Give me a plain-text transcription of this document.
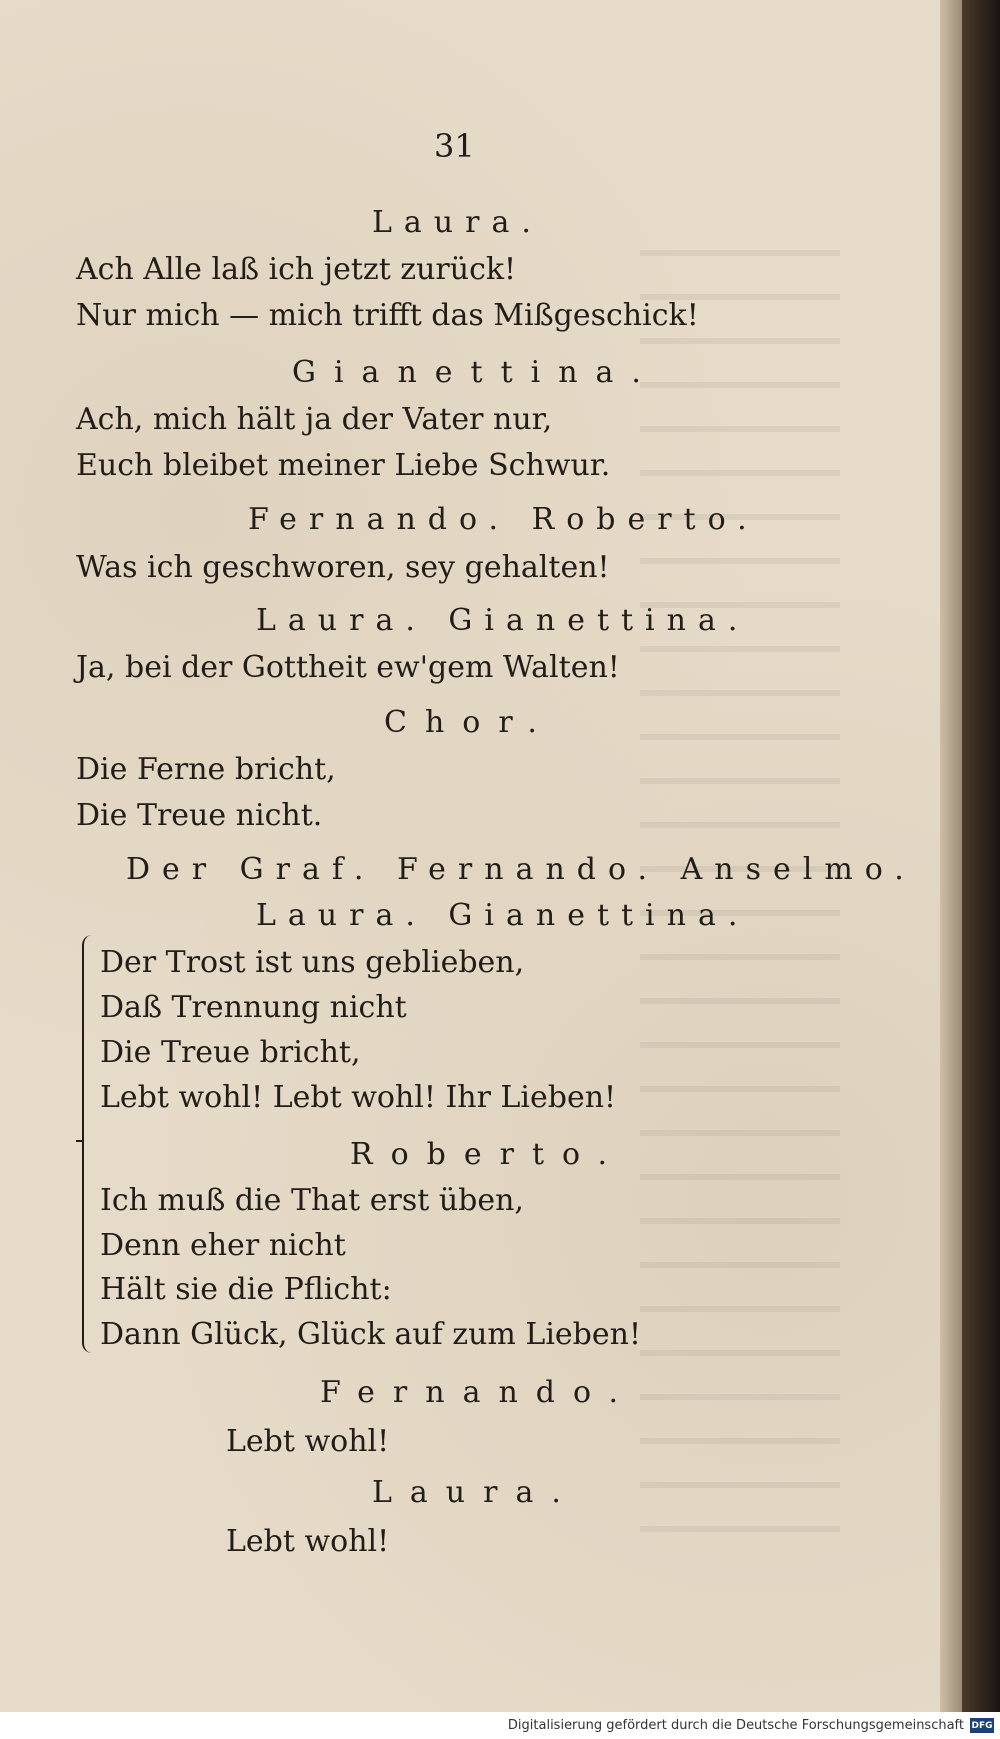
31

Laura.

Ach Alle laß ich jetzt zurück!

Nur mich — mich trifft das Mißgeschick!

Gianettina.

Ach, mich hält ja der Vater nur,

Euch bleibet meiner Liebe Schwur.

Fernando. Roberto.

Was ich geschworen, sey gehalten!

Laura. Gianettina.

Ja, bei der Gottheit ew'gem Walten!

Chor.

Die Ferne bricht,

Die Treue nicht.

Der Graf. Fernando. Anselmo.

Laura. Gianettina.

Der Trost ist uns geblieben,

Daß Trennung nicht

Die Treue bricht,

Lebt wohl! Lebt wohl! Ihr Lieben!

Roberto.

Ich muß die That erst üben,

Denn eher nicht

Hält sie die Pflicht:

Dann Glück, Glück auf zum Lieben!

Fernando.

Lebt wohl!

Laura.

Lebt wohl!

Digitalisierung gefördert durch die Deutsche Forschungsgemeinschaft DFG
